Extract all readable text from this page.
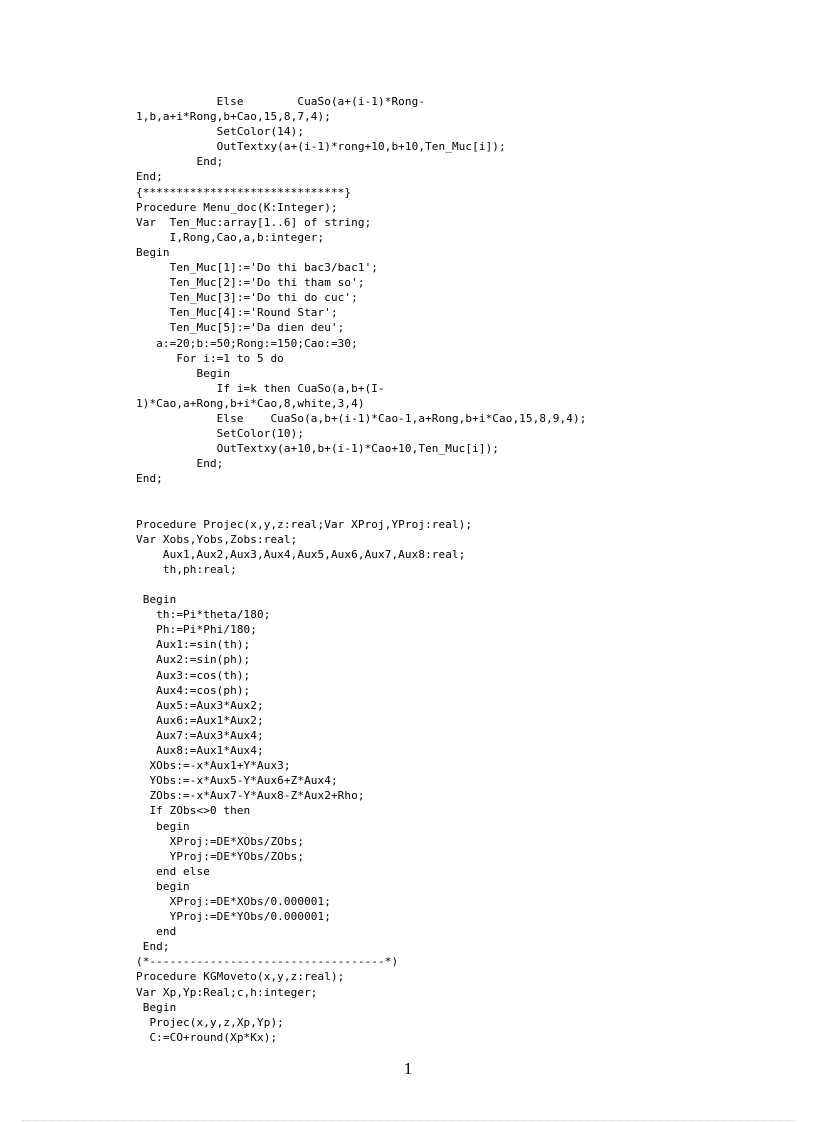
Else        CuaSo(a+(i-1)*Rong-
1,b,a+i*Rong,b+Cao,15,8,7,4);
SetColor(14);
OutTextxy(a+(i-1)*rong+10,b+10,Ten_Muc[i]);
End;
End;
{******************************}
Procedure Menu_doc(K:Integer);
Var  Ten_Muc:array[1..6] of string;
I,Rong,Cao,a,b:integer;
Begin
Ten_Muc[1]:='Do thi bac3/bac1';
Ten_Muc[2]:='Do thi tham so';
Ten_Muc[3]:='Do thi do cuc';
Ten_Muc[4]:='Round Star';
Ten_Muc[5]:='Da dien deu';
a:=20;b:=50;Rong:=150;Cao:=30;
For i:=1 to 5 do
Begin
If i=k then CuaSo(a,b+(I-
1)*Cao,a+Rong,b+i*Cao,8,white,3,4)
Else    CuaSo(a,b+(i-1)*Cao-1,a+Rong,b+i*Cao,15,8,9,4);
SetColor(10);
OutTextxy(a+10,b+(i-1)*Cao+10,Ten_Muc[i]);
End;
End;
Procedure Projec(x,y,z:real;Var XProj,YProj:real);
Var Xobs,Yobs,Zobs:real;
Aux1,Aux2,Aux3,Aux4,Aux5,Aux6,Aux7,Aux8:real;
th,ph:real;
Begin
th:=Pi*theta/180;
Ph:=Pi*Phi/180;
Aux1:=sin(th);
Aux2:=sin(ph);
Aux3:=cos(th);
Aux4:=cos(ph);
Aux5:=Aux3*Aux2;
Aux6:=Aux1*Aux2;
Aux7:=Aux3*Aux4;
Aux8:=Aux1*Aux4;
XObs:=-x*Aux1+Y*Aux3;
YObs:=-x*Aux5-Y*Aux6+Z*Aux4;
ZObs:=-x*Aux7-Y*Aux8-Z*Aux2+Rho;
If ZObs<>0 then
begin
XProj:=DE*XObs/ZObs;
YProj:=DE*YObs/ZObs;
end else
begin
XProj:=DE*XObs/0.000001;
YProj:=DE*YObs/0.000001;
end
End;
(*-----------------------------------*)
Procedure KGMoveto(x,y,z:real);
Var Xp,Yp:Real;c,h:integer;
Begin
Projec(x,y,z,Xp,Yp);
C:=CO+round(Xp*Kx);
1
